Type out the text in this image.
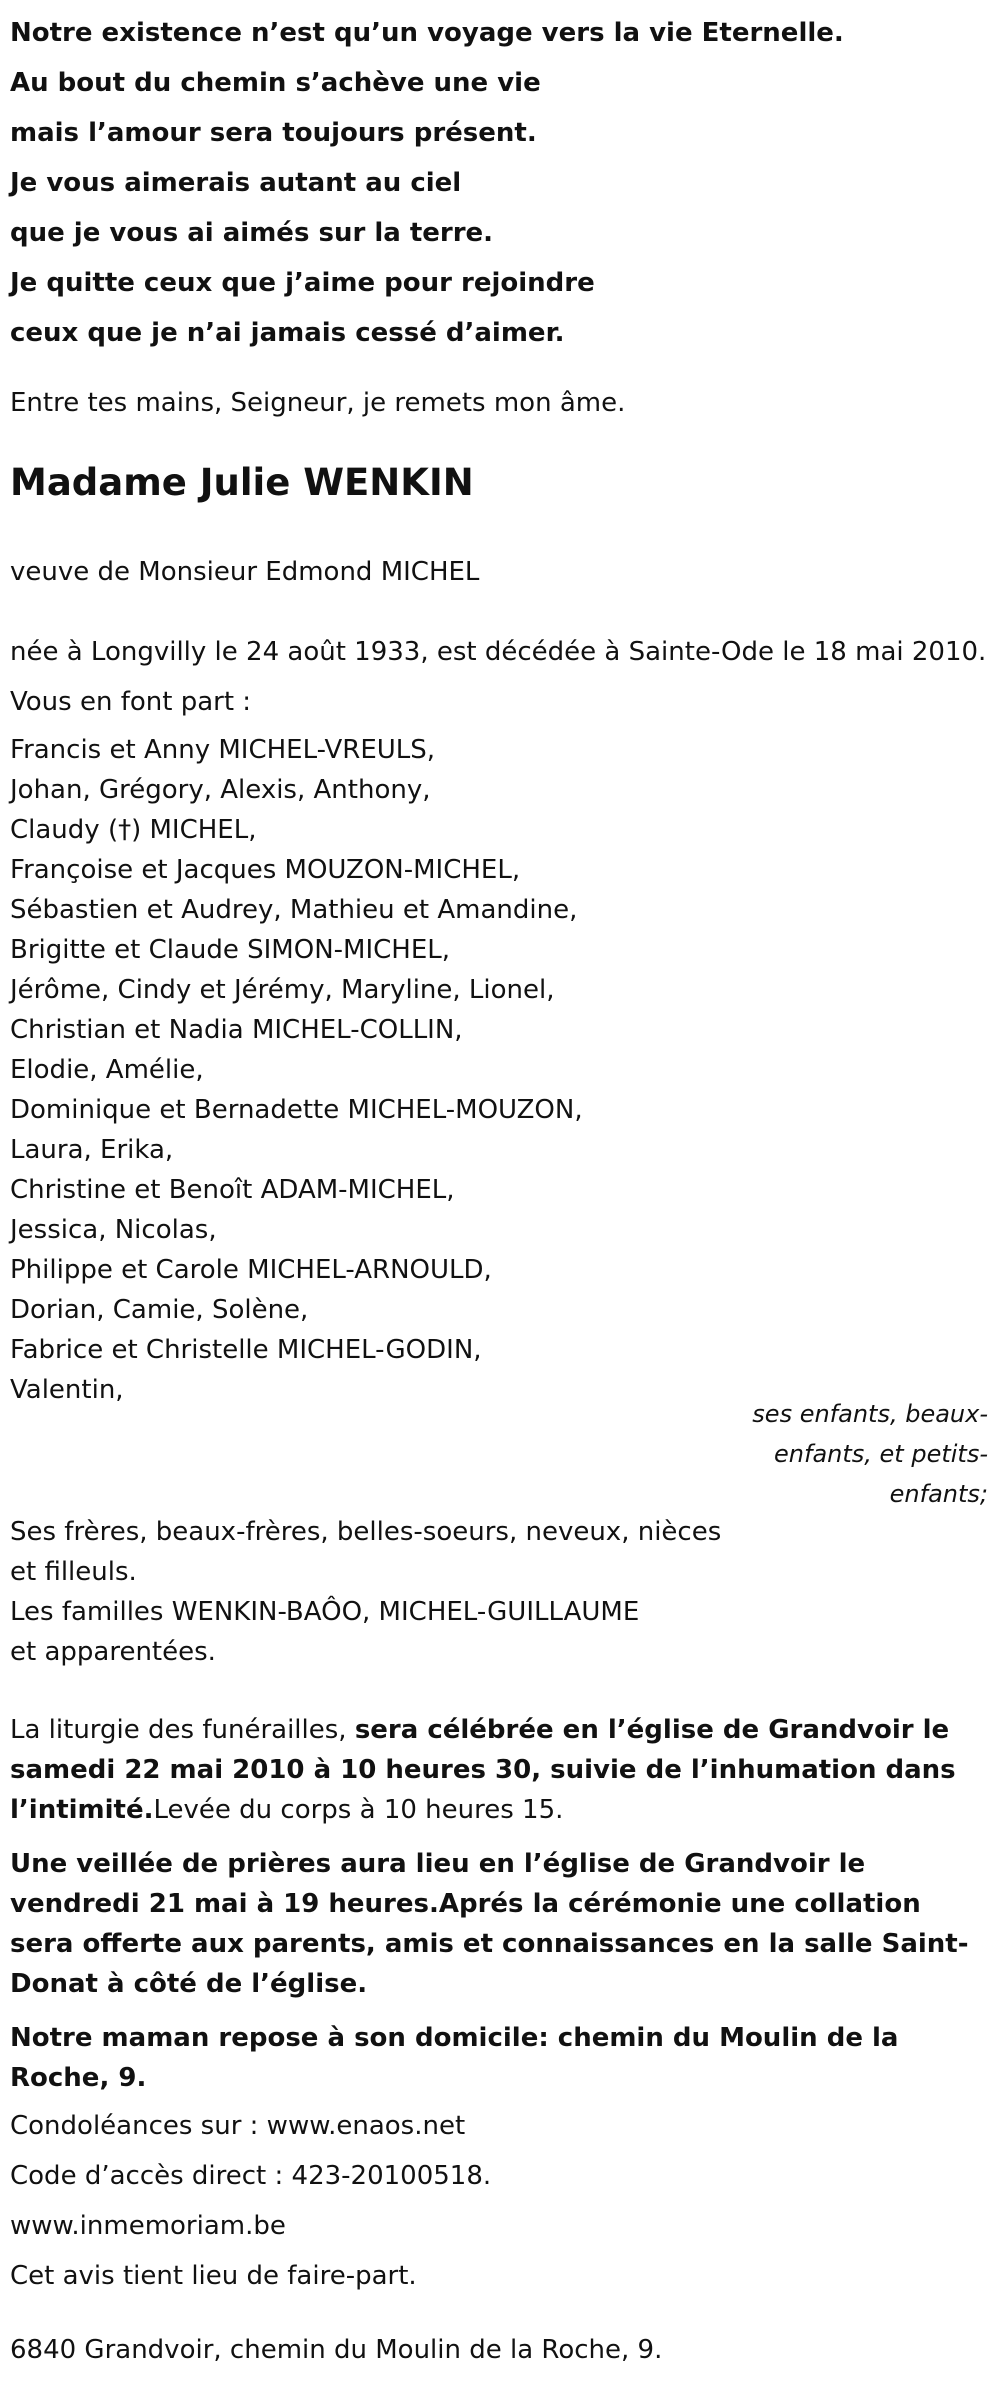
Notre existence n’est qu’un voyage vers la vie Eternelle.
Au bout du chemin s’achève une vie
mais l’amour sera toujours présent.
Je vous aimerais autant au ciel
que je vous ai aimés sur la terre.
Je quitte ceux que j’aime pour rejoindre
ceux que je n’ai jamais cessé d’aimer.
Entre tes mains, Seigneur, je remets mon âme.
Madame Julie WENKIN
veuve de Monsieur Edmond MICHEL
née à Longvilly le 24 août 1933, est décédée à Sainte-Ode le 18 mai 2010.
Vous en font part :
Francis et Anny MICHEL-VREULS,
Johan, Grégory, Alexis, Anthony,
Claudy (†) MICHEL,
Françoise et Jacques MOUZON-MICHEL,
Sébastien et Audrey, Mathieu et Amandine,
Brigitte et Claude SIMON-MICHEL,
Jérôme, Cindy et Jérémy, Maryline, Lionel,
Christian et Nadia MICHEL-COLLIN,
Elodie, Amélie,
Dominique et Bernadette MICHEL-MOUZON,
Laura, Erika,
Christine et Benoît ADAM-MICHEL,
Jessica, Nicolas,
Philippe et Carole MICHEL-ARNOULD,
Dorian, Camie, Solène,
Fabrice et Christelle MICHEL-GODIN,
Valentin,
ses enfants, beaux-enfants, et petits-enfants;
Ses frères, beaux-frères, belles-soeurs, neveux, nièces
et filleuls.
Les familles WENKIN-BAÔO, MICHEL-GUILLAUME
et apparentées.
La liturgie des funérailles, sera célébrée en l’église de Grandvoir le samedi 22 mai 2010 à 10 heures 30, suivie de l’inhumation dans l’intimité.Levée du corps à 10 heures 15.
Une veillée de prières aura lieu en l’église de Grandvoir le vendredi 21 mai à 19 heures.Aprés la cérémonie une collation sera offerte aux parents, amis et connaissances en la salle Saint-Donat à côté de l’église.
Notre maman repose à son domicile: chemin du Moulin de la Roche, 9.
Condoléances sur : www.enaos.net
Code d’accès direct : 423-20100518.
www.inmemoriam.be
Cet avis tient lieu de faire-part.
6840 Grandvoir, chemin du Moulin de la Roche, 9.
